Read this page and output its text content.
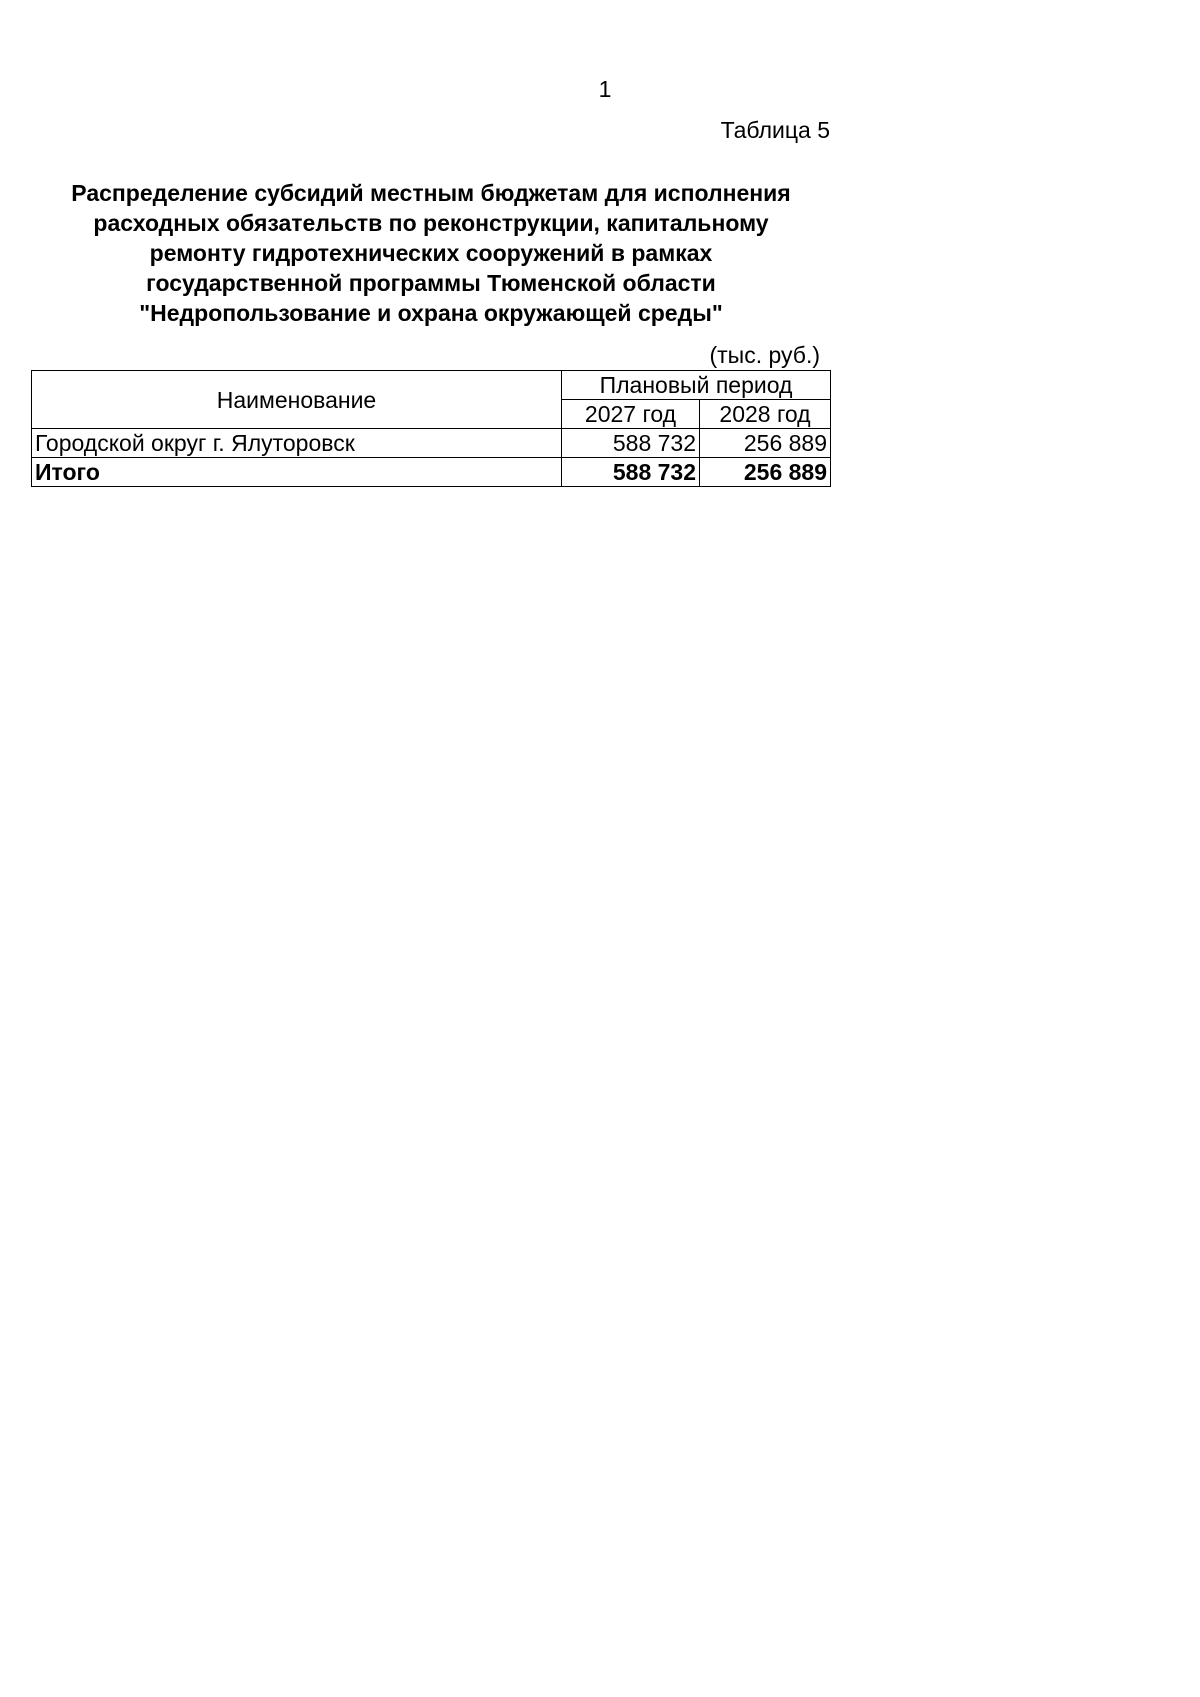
1
Таблица 5
Распределение субсидий местным бюджетам для исполнения
расходных обязательств по реконструкции, капитальному
ремонту гидротехнических сооружений в рамках
государственной программы Тюменской области
"Недропользование и охрана окружающей среды"
(тыс. руб.)
Наименование	Плановый период	
	2027 год	2028 год
Городской округ г. Ялуторовск	588 732	256 889
Итого	588 732	256 889
